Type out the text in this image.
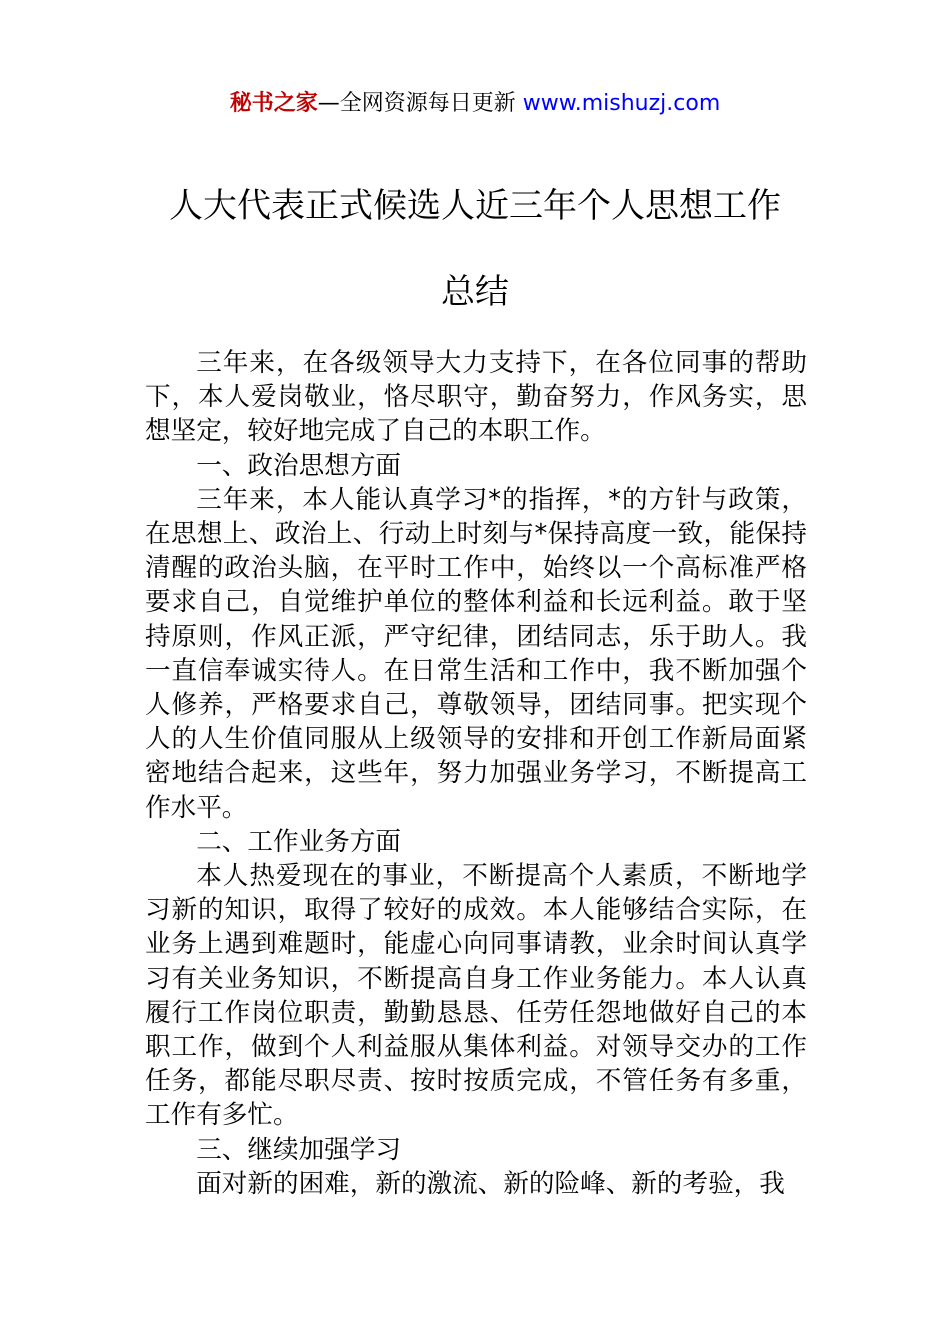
秘书之家—全网资源每日更新 www.mishuzj.com
人大代表正式候选人近三年个人思想工作
总结

三年来，在各级领导大力支持下，在各位同事的帮助下，本人爱岗敬业，恪尽职守，勤奋努力，作风务实，思想坚定，较好地完成了自己的本职工作。

一、政治思想方面

三年来，本人能认真学习*的指挥，*的方针与政策，在思想上、政治上、行动上时刻与*保持高度一致，能保持清醒的政治头脑，在平时工作中，始终以一个高标准严格要求自己，自觉维护单位的整体利益和长远利益。敢于坚持原则，作风正派，严守纪律，团结同志，乐于助人。我一直信奉诚实待人。在日常生活和工作中，我不断加强个人修养，严格要求自己，尊敬领导，团结同事。把实现个人的人生价值同服从上级领导的安排和开创工作新局面紧密地结合起来，这些年，努力加强业务学习，不断提高工作水平。

二、工作业务方面

本人热爱现在的事业，不断提高个人素质，不断地学习新的知识，取得了较好的成效。本人能够结合实际，在业务上遇到难题时，能虚心向同事请教，业余时间认真学习有关业务知识，不断提高自身工作业务能力。本人认真履行工作岗位职责，勤勤恳恳、任劳任怨地做好自己的本职工作，做到个人利益服从集体利益。对领导交办的工作任务，都能尽职尽责、按时按质完成，不管任务有多重，工作有多忙。

三、继续加强学习

面对新的困难，新的激流、新的险峰、新的考验，我
